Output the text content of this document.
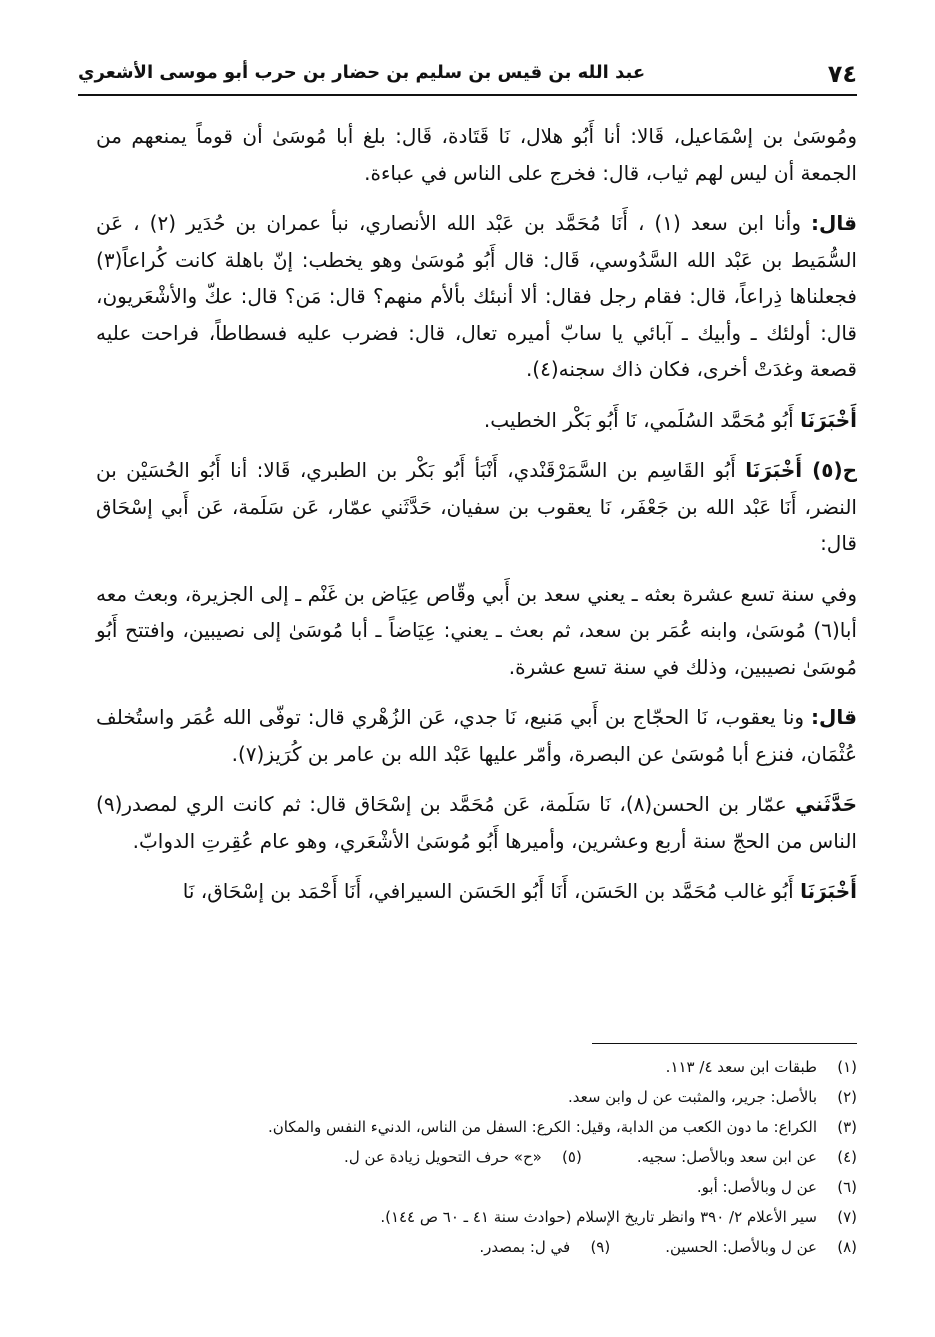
٧٤
عبد الله بن قيس بن سليم بن حضار بن حرب أبو موسى الأشعري

ومُوسَىٰ بن إسْمَاعيل، قَالا: أنا أَبُو هلال، نَا قَتَادة، قَال: بلغ أبا مُوسَىٰ أن قوماً يمنعهم من الجمعة أن ليس لهم ثياب، قال: فخرج على الناس في عباءة.

قال: وأنا ابن سعد (١) ، أَنَا مُحَمَّد بن عَبْد الله الأنصاري، نبأ عمران بن حُدَير (٢) ، عَن السُّمَيط بن عَبْد الله السَّدُوسي، قَال: قال أَبُو مُوسَىٰ وهو يخطب: إنّ باهلة كانت كُراعاً(٣) فجعلناها ذِراعاً، قال: فقام رجل فقال: ألا أنبئك بألأم منهم؟ قال: مَن؟ قال: عكّ والأشْعَريون، قال: أولئك ـ وأبيك ـ آبائي يا سابّ أميره تعال، قال: فضرب عليه فسطاطاً، فراحت عليه قصعة وغدَتْ أخرى، فكان ذاك سجنه(٤).

أَخْبَرَنَا أَبُو مُحَمَّد السُلَمي، نَا أَبُو بَكْر الخطيب.

ح(٥) أَخْبَرَنَا أَبُو القَاسِم بن السَّمَرْقَنْدي، أَنْبَأ أَبُو بَكْر بن الطبري، قَالا: أنا أَبُو الحُسَيْن بن النضر، أَنَا عَبْد الله بن جَعْفَر، نَا يعقوب بن سفيان، حَدَّثَني عمّار، عَن سَلَمة، عَن أَبي إسْحَاق قال:

وفي سنة تسع عشرة بعثه ـ يعني سعد بن أَبي وقّاص عِيَاض بن غَنْم ـ إلى الجزيرة، وبعث معه أبا(٦) مُوسَىٰ، وابنه عُمَر بن سعد، ثم بعث ـ يعني: عِيَاضاً ـ أبا مُوسَىٰ إلى نصيبين، وافتتح أَبُو مُوسَىٰ نصيبين، وذلك في سنة تسع عشرة.

قال: ونا يعقوب، نَا الحجّاج بن أَبي مَنيع، نَا جدي، عَن الزُهْري قال: توفّى الله عُمَر واستُخلف عُثْمَان، فنزع أبا مُوسَىٰ عن البصرة، وأمّر عليها عَبْد الله بن عامر بن كُرَيز(٧).

حَدَّثَني عمّار بن الحسن(٨)، نَا سَلَمة، عَن مُحَمَّد بن إسْحَاق قال: ثم كانت الري لمصدر(٩) الناس من الحجّ سنة أربع وعشرين، وأميرها أَبُو مُوسَىٰ الأشْعَري، وهو عام عُقِرتِ الدوابّ.

أَخْبَرَنَا أَبُو غالب مُحَمَّد بن الحَسَن، أَنَا أَبُو الحَسَن السيرافي، أَنَا أَحْمَد بن إسْحَاق، نَا

(١)طبقات ابن سعد ٤/ ١١٣.
(٢)بالأصل: جرير، والمثبت عن ل وابن سعد.
(٣)الكراع: ما دون الكعب من الدابة، وقيل: الكرع: السفل من الناس، الدنيء النفس والمكان.
(٤)عن ابن سعد وبالأصل: سجيه.
(٥)«ح» حرف التحويل زيادة عن ل.
(٦)عن ل وبالأصل: أبو.
(٧)سير الأعلام ٢/ ٣٩٠ وانظر تاريخ الإسلام (حوادث سنة ٤١ ـ ٦٠ ص ١٤٤).
(٨)عن ل وبالأصل: الحسين.
(٩)في ل: بمصدر.
